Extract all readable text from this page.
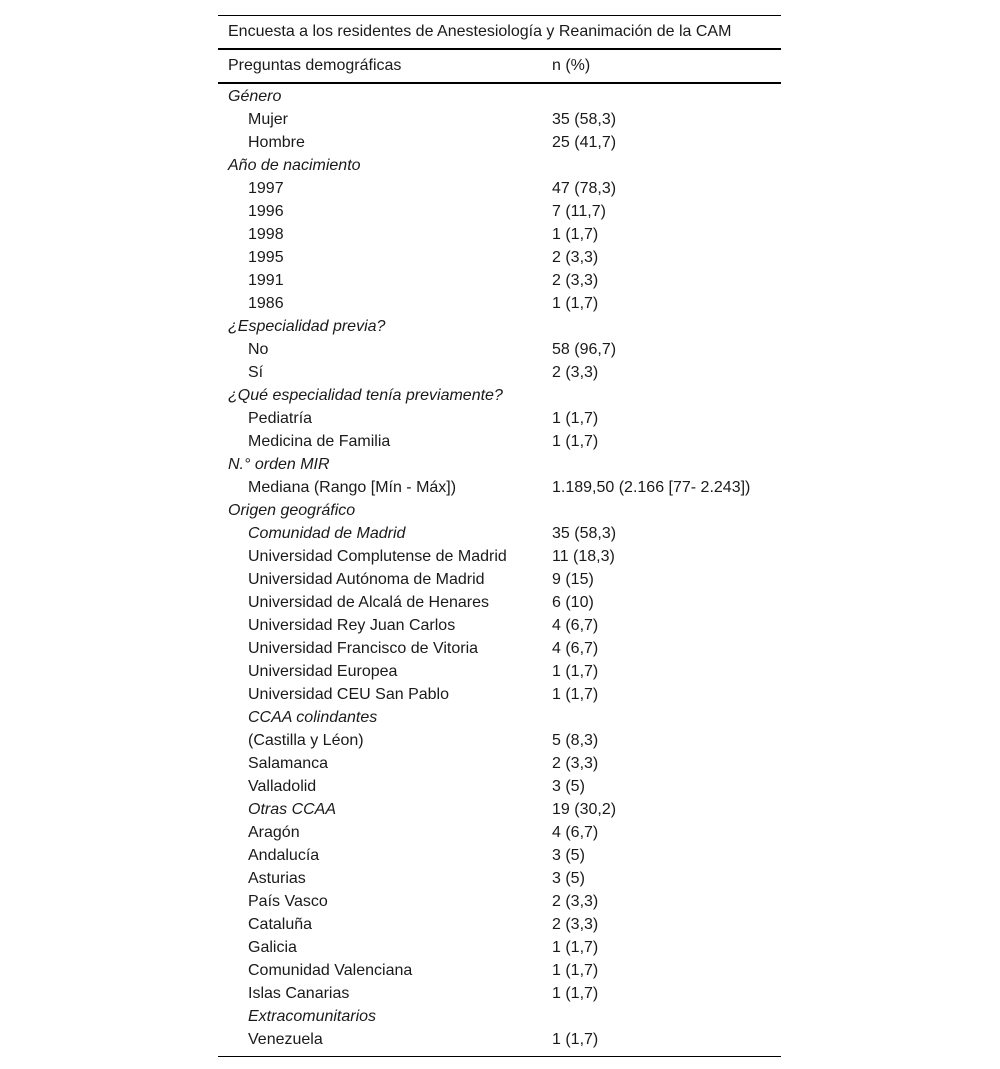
Encuesta a los residentes de Anestesiología y Reanimación de la CAM
Preguntas demográficas	n (%)
Género
Mujer	35 (58,3)
Hombre	25 (41,7)
Año de nacimiento
1997	47 (78,3)
1996	7 (11,7)
1998	1 (1,7)
1995	2 (3,3)
1991	2 (3,3)
1986	1 (1,7)
¿Especialidad previa?
No	58 (96,7)
Sí	2 (3,3)
¿Qué especialidad tenía previamente?
Pediatría	1 (1,7)
Medicina de Familia	1 (1,7)
N.° orden MIR
Mediana (Rango [Mín - Máx])	1.189,50 (2.166 [77- 2.243])
Origen geográfico
Comunidad de Madrid	35 (58,3)
Universidad Complutense de Madrid	11 (18,3)
Universidad Autónoma de Madrid	9 (15)
Universidad de Alcalá de Henares	6 (10)
Universidad Rey Juan Carlos	4 (6,7)
Universidad Francisco de Vitoria	4 (6,7)
Universidad Europea	1 (1,7)
Universidad CEU San Pablo	1 (1,7)
CCAA colindantes
(Castilla y Léon)	5 (8,3)
Salamanca	2 (3,3)
Valladolid	3 (5)
Otras CCAA	19 (30,2)
Aragón	4 (6,7)
Andalucía	3 (5)
Asturias	3 (5)
País Vasco	2 (3,3)
Cataluña	2 (3,3)
Galicia	1 (1,7)
Comunidad Valenciana	1 (1,7)
Islas Canarias	1 (1,7)
Extracomunitarios
Venezuela	1 (1,7)
